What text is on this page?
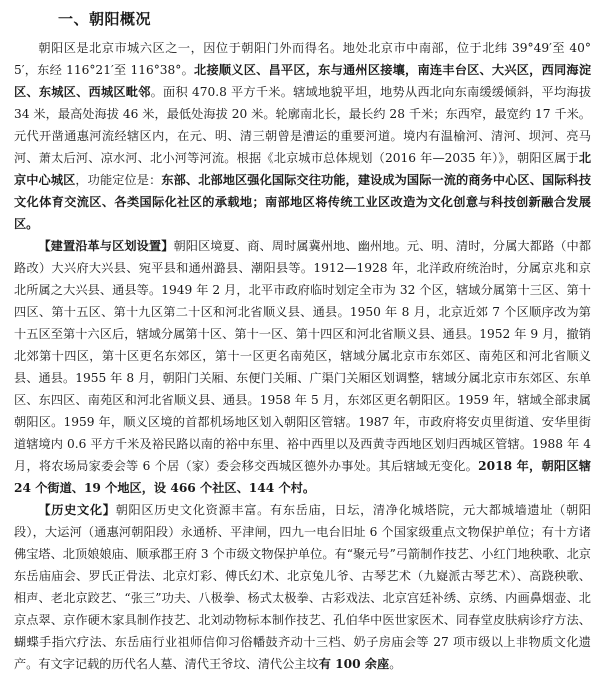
一、朝阳概况

朝阳区是北京市城六区之一，因位于朝阳门外而得名。地处北京市中南部，位于北纬 39°49′至 40°5′，东经 116°21′至 116°38°。北接顺义区、昌平区，东与通州区接壤，南连丰台区、大兴区，西同海淀区、东城区、西城区毗邻。面积 470.8 平方千米。辖域地貌平坦，地势从西北向东南缓缓倾斜，平均海拔 34 米，最高处海拔 46 米，最低处海拔 20 米。轮廓南北长，最长约 28 千米；东西窄，最宽约 17 千米。元代开凿通惠河流经辖区内，在元、明、清三朝曾是漕运的重要河道。境内有温榆河、清河、坝河、亮马河、萧太后河、凉水河、北小河等河流。根据《北京城市总体规划（2016 年—2035 年）》，朝阳区属于北京中心城区，功能定位是：东部、北部地区强化国际交往功能，建设成为国际一流的商务中心区、国际科技文化体育交流区、各类国际化社区的承载地；南部地区将传统工业区改造为文化创意与科技创新融合发展区。

【建置沿革与区划设置】朝阳区境夏、商、周时属冀州地、幽州地。元、明、清时，分属大都路（中都路改）大兴府大兴县、宛平县和通州潞县、潮阳县等。1912—1928 年，北洋政府统治时，分属京兆和京北所属之大兴县、通县等。1949 年 2 月，北平市政府临时划定全市为 32 个区，辖域分属第十三区、第十四区、第十五区、第十九区第二十区和河北省顺义县、通县。1950 年 8 月，北京近郊 7 个区顺序改为第十五区至第十六区后，辖域分属第十区、第十一区、第十四区和河北省顺义县、通县。1952 年 9 月，撤销北郊第十四区，第十区更名东郊区，第十一区更名南苑区，辖域分属北京市东郊区、南苑区和河北省顺义县、通县。1955 年 8 月，朝阳门关厢、东便门关厢、广渠门关厢区划调整，辖域分属北京市东郊区、东单区、东四区、南苑区和河北省顺义县、通县。1958 年 5 月，东郊区更名朝阳区。1959 年，辖域全部隶属朝阳区。1959 年，顺义区境的首都机场地区划入朝阳区管辖。1987 年，市政府将安贞里街道、安华里街道辖境内 0.6 平方千米及裕民路以南的裕中东里、裕中西里以及西黄寺西地区划归西城区管辖。1988 年 4 月，将农场局家委会等 6 个居（家）委会移交西城区德外办事处。其后辖域无变化。2018 年，朝阳区辖 24 个街道、19 个地区，设 466 个社区、144 个村。

【历史文化】朝阳区历史文化资源丰富。有东岳庙，日坛，清净化城塔院，元大都城墙遗址（朝阳段），大运河（通惠河朝阳段）永通桥、平津闸，四九一电台旧址 6 个国家级重点文物保护单位；有十方诸佛宝塔、北顶娘娘庙、顺承郡王府 3 个市级文物保护单位。有“聚元号”弓箭制作技艺、小红门地秧歌、北京东岳庙庙会、罗氏正骨法、北京灯彩、傅氏幻术、北京兔儿爷、古琴艺术（九嶷派古琴艺术）、高跷秧歌、相声、老北京跤艺、“张三”功夫、八极拳、杨式太极拳、古彩戏法、北京宫廷补绣、京绣、内画鼻烟壶、北京点翠、京作硬木家具制作技艺、北刘动物标本制作技艺、孔伯华中医世家医术、同春堂皮肤病诊疗方法、蝴蝶手指穴疗法、东岳庙行业祖师信仰习俗幡鼓齐动十三档、奶子房庙会等 27 项市级以上非物质文化遗产。有文字记载的历代名人墓、清代王爷坟、清代公主坟有 100 余座。
